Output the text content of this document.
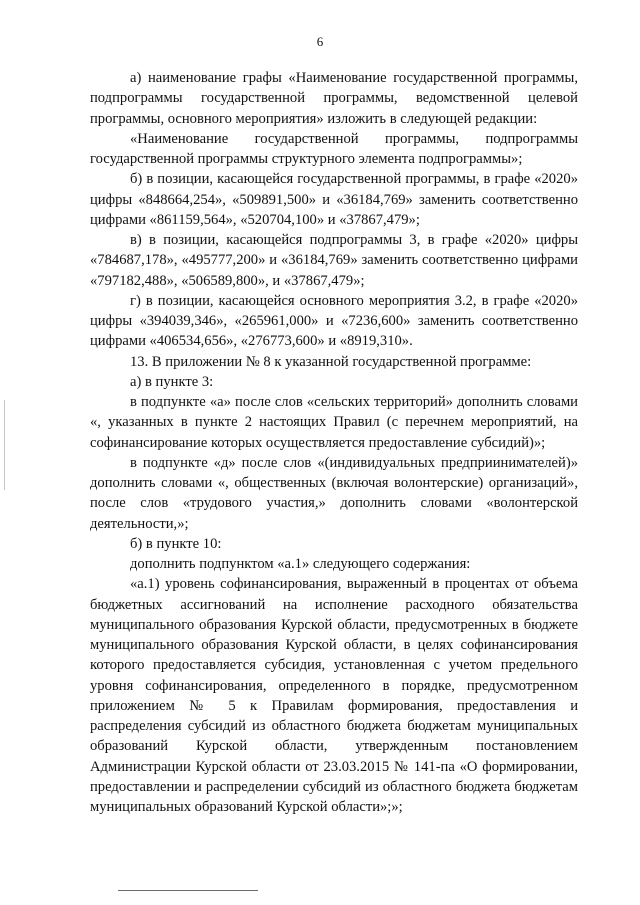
6

а) наименование графы «Наименование государственной программы, подпрограммы государственной программы, ведомственной целевой программы, основного мероприятия» изложить в следующей редакции:

«Наименование государственной программы, подпрограммы государственной программы структурного элемента подпрограммы»;

б) в позиции, касающейся государственной программы, в графе «2020» цифры «848664,254», «509891,500» и «36184,769» заменить соответственно цифрами «861159,564», «520704,100» и «37867,479»;

в) в позиции, касающейся подпрограммы 3, в графе «2020» цифры «784687,178», «495777,200» и «36184,769» заменить соответственно цифрами «797182,488», «506589,800», и «37867,479»;

г) в позиции, касающейся основного мероприятия 3.2, в графе «2020» цифры «394039,346», «265961,000» и «7236,600» заменить соответственно цифрами «406534,656», «276773,600» и «8919,310».

13. В приложении № 8 к указанной государственной программе:

а) в пункте 3:

в подпункте «а» после слов «сельских территорий» дополнить словами «, указанных в пункте 2 настоящих Правил (с перечнем мероприятий, на софинансирование которых осуществляется предоставление субсидий)»;

в подпункте «д» после слов «(индивидуальных предприинимателей)» дополнить словами «, общественных (включая волонтерские) организаций», после слов «трудового участия,» дополнить словами «волонтерской деятельности,»;

б) в пункте 10:

дополнить подпунктом «а.1» следующего содержания:

«а.1) уровень софинансирования, выраженный в процентах от объема бюджетных ассигнований на исполнение расходного обязательства муниципального образования Курской области, предусмотренных в бюджете муниципального образования Курской области, в целях софинансирования которого предоставляется субсидия, установленная с учетом предельного уровня софинансирования, определенного в порядке, предусмотренном приложением № 5 к Правилам формирования, предоставления и распределения субсидий из областного бюджета бюджетам муниципальных образований Курской области, утвержденным постановлением Администрации Курской области от 23.03.2015 № 141-па «О формировании, предоставлении и распределении субсидий из областного бюджета бюджетам муниципальных образований Курской области»;»;
